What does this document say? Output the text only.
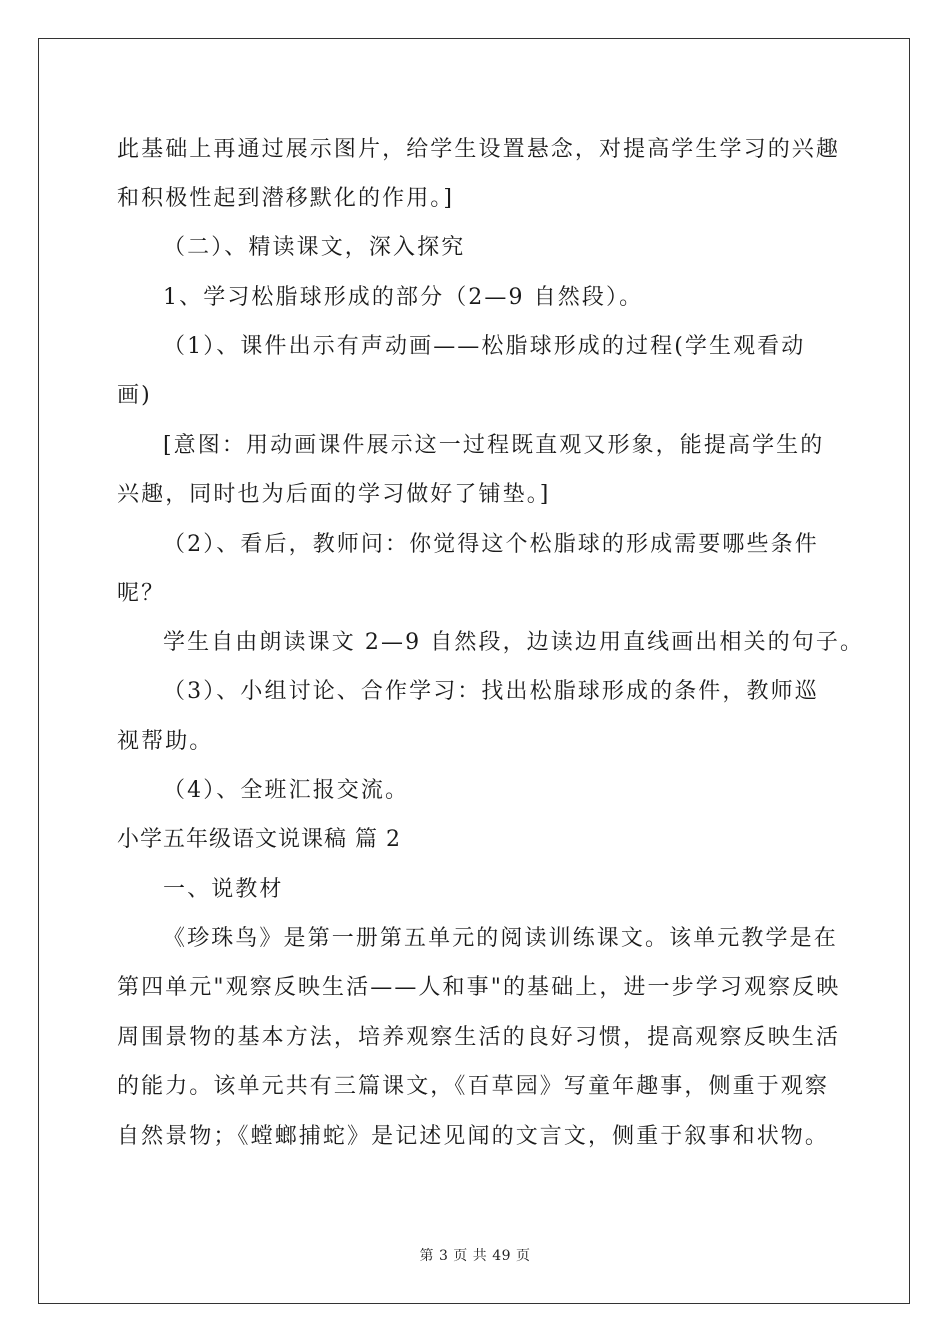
此基础上再通过展示图片，给学生设置悬念，对提高学生学习的兴趣
和积极性起到潜移默化的作用。]
（二）、精读课文，深入探究
1、学习松脂球形成的部分（2—9 自然段）。
（1）、课件出示有声动画——松脂球形成的过程(学生观看动
画)
[意图：用动画课件展示这一过程既直观又形象，能提高学生的
兴趣，同时也为后面的学习做好了铺垫。]
（2）、看后，教师问：你觉得这个松脂球的形成需要哪些条件
呢？
学生自由朗读课文 2—9 自然段，边读边用直线画出相关的句子。
（3）、小组讨论、合作学习：找出松脂球形成的条件，教师巡
视帮助。
（4）、全班汇报交流。
小学五年级语文说课稿 篇 2
一、说教材
《珍珠鸟》是第一册第五单元的阅读训练课文。该单元教学是在
第四单元"观察反映生活——人和事"的基础上，进一步学习观察反映
周围景物的基本方法，培养观察生活的良好习惯，提高观察反映生活
的能力。该单元共有三篇课文，《百草园》写童年趣事，侧重于观察
自然景物；《螳螂捕蛇》是记述见闻的文言文，侧重于叙事和状物。
第 3 页 共 49 页
